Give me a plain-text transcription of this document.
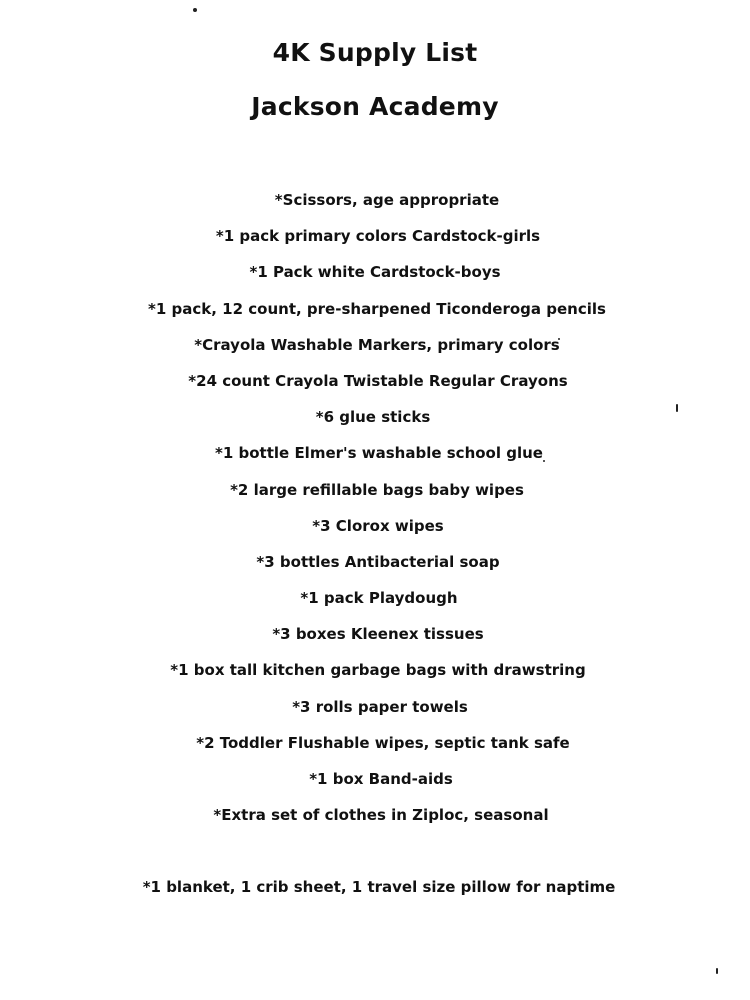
4K Supply List
Jackson Academy
*Scissors, age appropriate
*1 pack primary colors Cardstock-girls
*1 Pack white Cardstock-boys
*1 pack, 12 count, pre-sharpened Ticonderoga pencils
*Crayola Washable Markers, primary colors
*24 count Crayola Twistable Regular Crayons
*6 glue sticks
*1 bottle Elmer's washable school glue
*2 large refillable bags baby wipes
*3 Clorox wipes
*3 bottles Antibacterial soap
*1 pack Playdough
*3 boxes Kleenex tissues
*1 box tall kitchen garbage bags with drawstring
*3 rolls paper towels
*2 Toddler Flushable wipes, septic tank safe
*1 box Band-aids
*Extra set of clothes in Ziploc, seasonal
*1 blanket, 1 crib sheet, 1 travel size pillow for naptime
